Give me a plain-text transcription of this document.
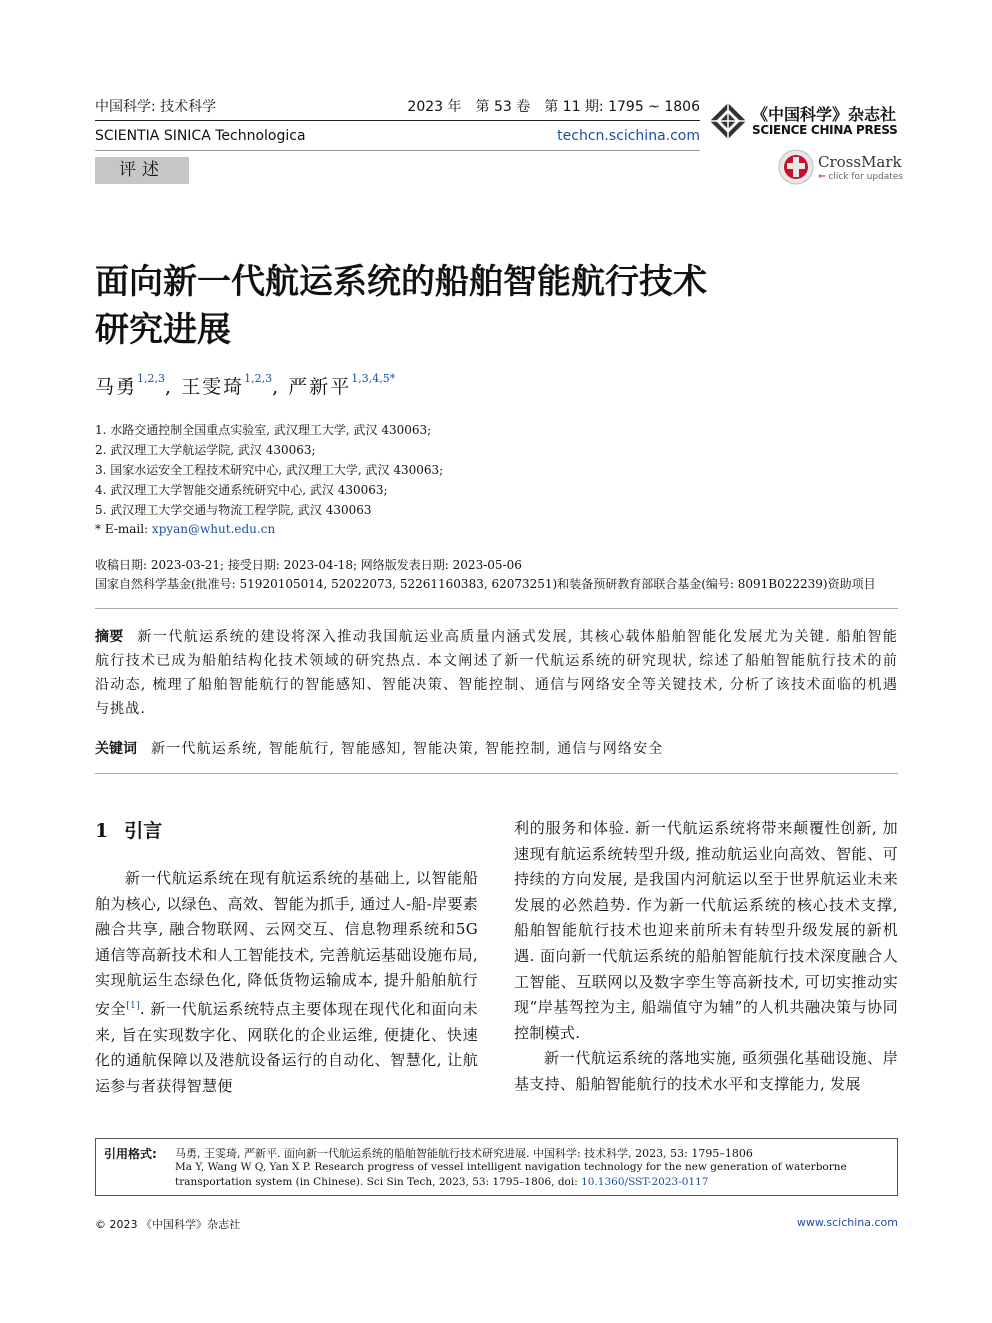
中国科学: 技术科学	2023 年　第 53 卷　第 11 期: 1795 ~ 1806
SCIENTIA SINICA Technologica	techcn.scichina.com
评述
《中国科学》杂志社
SCIENCE CHINA PRESS
CrossMark
⇐ click for updates
面向新一代航运系统的船舶智能航行技术
研究进展
马勇$^{1,2,3}$, 王雯琦$^{1,2,3}$, 严新平$^{1,3,4,5*}$
1. 水路交通控制全国重点实验室, 武汉理工大学, 武汉 430063;
2. 武汉理工大学航运学院, 武汉 430063;
3. 国家水运安全工程技术研究中心, 武汉理工大学, 武汉 430063;
4. 武汉理工大学智能交通系统研究中心, 武汉 430063;
5. 武汉理工大学交通与物流工程学院, 武汉 430063
* E-mail: xpyan@whut.edu.cn
收稿日期: 2023-03-21; 接受日期: 2023-04-18; 网络版发表日期: 2023-05-06
国家自然科学基金(批准号: 51920105014, 52022073, 52261160383, 62073251)和装备预研教育部联合基金(编号: 8091B022239)资助项目
摘要 新一代航运系统的建设将深入推动我国航运业高质量内涵式发展, 其核心载体船舶智能化发展尤为关键. 船舶智能航行技术已成为船舶结构化技术领域的研究热点. 本文阐述了新一代航运系统的研究现状, 综述了船舶智能航行技术的前沿动态, 梳理了船舶智能航行的智能感知、智能决策、智能控制、通信与网络安全等关键技术, 分析了该技术面临的机遇与挑战.
关键词 新一代航运系统, 智能航行, 智能感知, 智能决策, 智能控制, 通信与网络安全
1 引言

新一代航运系统在现有航运系统的基础上, 以智能船舶为核心, 以绿色、高效、智能为抓手, 通过人-船-岸要素融合共享, 融合物联网、云网交互、信息物理系统和5G通信等高新技术和人工智能技术, 完善航运基础设施布局, 实现航运生态绿色化, 降低货物运输成本, 提升船舶航行安全[1]. 新一代航运系统特点主要体现在现代化和面向未来, 旨在实现数字化、网联化的企业运维, 便捷化、快速化的通航保障以及港航设备运行的自动化、智慧化, 让航运参与者获得智慧便

利的服务和体验. 新一代航运系统将带来颠覆性创新, 加速现有航运系统转型升级, 推动航运业向高效、智能、可持续的方向发展, 是我国内河航运以至于世界航运业未来发展的必然趋势. 作为新一代航运系统的核心技术支撑, 船舶智能航行技术也迎来前所未有转型升级发展的新机遇. 面向新一代航运系统的船舶智能航行技术深度融合人工智能、互联网以及数字孪生等高新技术, 可切实推动实现“岸基驾控为主, 船端值守为辅”的人机共融决策与协同控制模式.

新一代航运系统的落地实施, 亟须强化基础设施、岸基支持、船舶智能航行的技术水平和支撑能力, 发展

引用格式: 马勇, 王雯琦, 严新平. 面向新一代航运系统的船舶智能航行技术研究进展. 中国科学: 技术科学, 2023, 53: 1795–1806
Ma Y, Wang W Q, Yan X P. Research progress of vessel intelligent navigation technology for the new generation of waterborne transportation system (in Chinese). Sci Sin Tech, 2023, 53: 1795–1806, doi: 10.1360/SST-2023-0117
© 2023 《中国科学》杂志社	www.scichina.com
